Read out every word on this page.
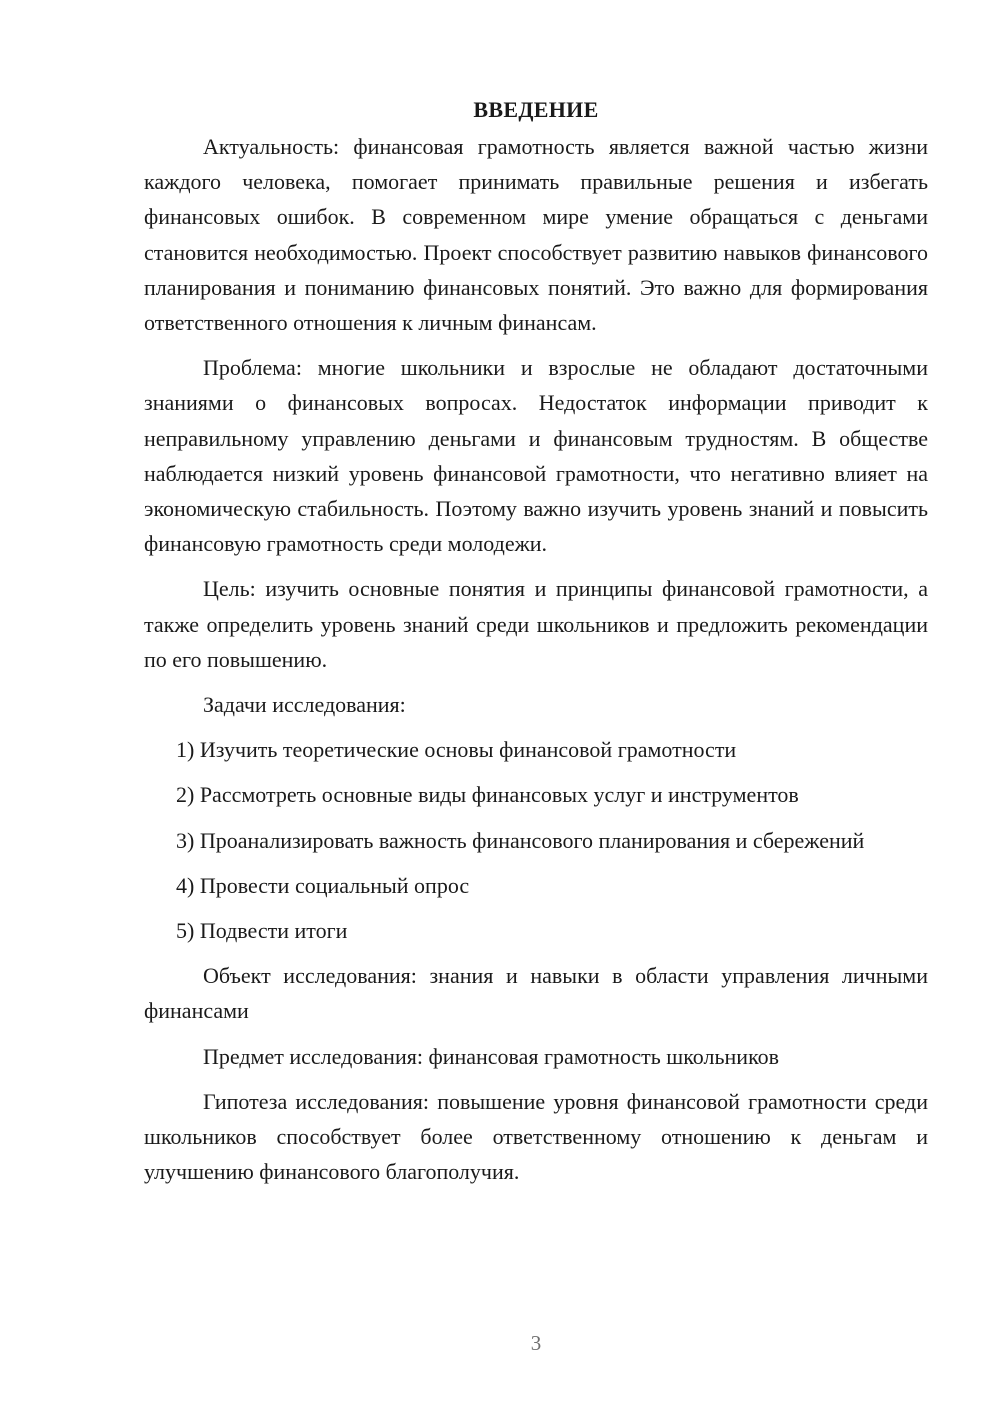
ВВЕДЕНИЕ

Актуальность: финансовая грамотность является важной частью жизни каждого человека, помогает принимать правильные решения и избегать финансовых ошибок. В современном мире умение обращаться с деньгами становится необходимостью. Проект способствует развитию навыков финансового планирования и пониманию финансовых понятий. Это важно для формирования ответственного отношения к личным финансам.

Проблема: многие школьники и взрослые не обладают достаточными знаниями о финансовых вопросах. Недостаток информации приводит к неправильному управлению деньгами и финансовым трудностям. В обществе наблюдается низкий уровень финансовой грамотности, что негативно влияет на экономическую стабильность. Поэтому важно изучить уровень знаний и повысить финансовую грамотность среди молодежи.

Цель: изучить основные понятия и принципы финансовой грамотности, а также определить уровень знаний среди школьников и предложить рекомендации по его повышению.

Задачи исследования:

1) Изучить теоретические основы финансовой грамотности

2) Рассмотреть основные виды финансовых услуг и инструментов

3) Проанализировать важность финансового планирования и сбережений

4) Провести социальный опрос

5) Подвести итоги

Объект исследования: знания и навыки в области управления личными финансами

Предмет исследования: финансовая грамотность школьников

Гипотеза исследования: повышение уровня финансовой грамотности среди школьников способствует более ответственному отношению к деньгам и улучшению финансового благополучия.

3
